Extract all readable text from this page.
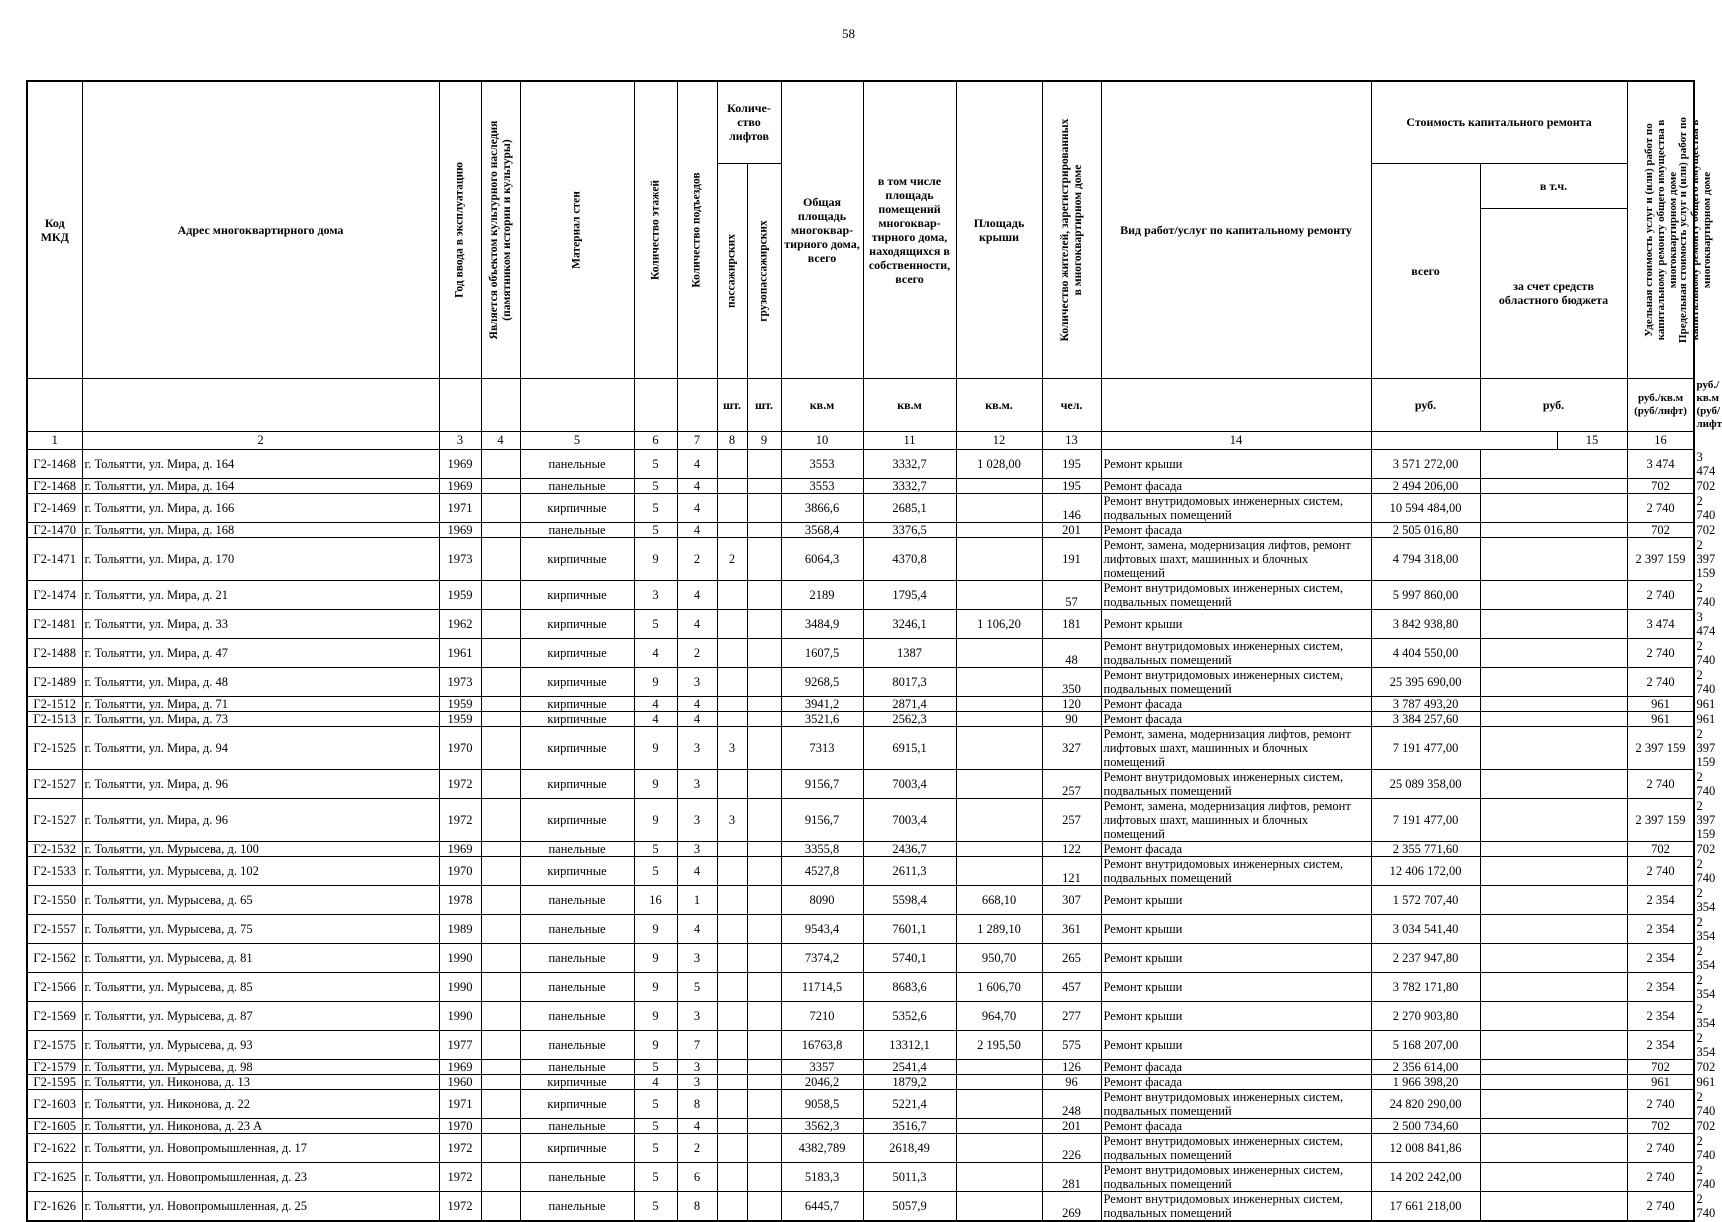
58
Код МКД	Адрес многоквартирного дома	Год ввода в эксплуатацию	Является объектом культурного наследия (памятником истории и культуры)	Материал стен	Количество этажей	Количество подъездов	Количе-ство лифтов		Общая площадь многоквар-тирного дома, всего	в том числе площадь помещений многоквар-тирного дома, находящихся в собственности, всего	Площадь крыши	Количество жителей, зарегистрированных в многоквартирном доме	Вид работ/услуг по капитальному ремонту	Стоимость капитального ремонта			Удельная стоимость услуг и (или) работ по капитальному ремонту общего имущества в многоквартирном доме	Предельная стоимость услуг и (или) работ по капитальному ремонту общего имущества в многоквартирном доме

							пассажирских	грузопассажирских						всего	в т.ч.			
															за счет средств областного бюджета			
							шт.	шт.	кв.м	кв.м	кв.м.	чел.		руб.	руб.		руб./кв.м (руб/лифт)	руб./кв.м (руб/лифт
1	2	3	4	5	6	7	8	9	10	11	12	13	14			15	16	
Г2-1468	г. Тольятти, ул. Мира, д. 164	1969		панельные	5	4			3553	3332,7	1 028,00	195	Ремонт крыши	3 571 272,00			3 474	3 474
Г2-1468	г. Тольятти, ул. Мира, д. 164	1969		панельные	5	4			3553	3332,7		195	Ремонт фасада	2 494 206,00			702	702
Г2-1469	г. Тольятти, ул. Мира, д. 166	1971		кирпичные	5	4			3866,6	2685,1		146	Ремонт внутридомовых инженерных систем, подвальных помещений	10 594 484,00			2 740	2 740
Г2-1470	г. Тольятти, ул. Мира, д. 168	1969		панельные	5	4			3568,4	3376,5		201	Ремонт фасада	2 505 016,80			702	702
Г2-1471	г. Тольятти, ул. Мира, д. 170	1973		кирпичные	9	2	2		6064,3	4370,8		191	Ремонт, замена, модернизация лифтов, ремонт лифтовых шахт, машинных и блочных помещений	4 794 318,00			2 397 159	2 397 159
Г2-1474	г. Тольятти, ул. Мира, д. 21	1959		кирпичные	3	4			2189	1795,4		57	Ремонт внутридомовых инженерных систем, подвальных помещений	5 997 860,00			2 740	2 740
Г2-1481	г. Тольятти, ул. Мира, д. 33	1962		кирпичные	5	4			3484,9	3246,1	1 106,20	181	Ремонт крыши	3 842 938,80			3 474	3 474
Г2-1488	г. Тольятти, ул. Мира, д. 47	1961		кирпичные	4	2			1607,5	1387		48	Ремонт внутридомовых инженерных систем, подвальных помещений	4 404 550,00			2 740	2 740
Г2-1489	г. Тольятти, ул. Мира, д. 48	1973		кирпичные	9	3			9268,5	8017,3		350	Ремонт внутридомовых инженерных систем, подвальных помещений	25 395 690,00			2 740	2 740
Г2-1512	г. Тольятти, ул. Мира, д. 71	1959		кирпичные	4	4			3941,2	2871,4		120	Ремонт фасада	3 787 493,20			961	961
Г2-1513	г. Тольятти, ул. Мира, д. 73	1959		кирпичные	4	4			3521,6	2562,3		90	Ремонт фасада	3 384 257,60			961	961
Г2-1525	г. Тольятти, ул. Мира, д. 94	1970		кирпичные	9	3	3		7313	6915,1		327	Ремонт, замена, модернизация лифтов, ремонт лифтовых шахт, машинных и блочных помещений	7 191 477,00			2 397 159	2 397 159
Г2-1527	г. Тольятти, ул. Мира, д. 96	1972		кирпичные	9	3			9156,7	7003,4		257	Ремонт внутридомовых инженерных систем, подвальных помещений	25 089 358,00			2 740	2 740
Г2-1527	г. Тольятти, ул. Мира, д. 96	1972		кирпичные	9	3	3		9156,7	7003,4		257	Ремонт, замена, модернизация лифтов, ремонт лифтовых шахт, машинных и блочных помещений	7 191 477,00			2 397 159	2 397 159
Г2-1532	г. Тольятти, ул. Мурысева, д. 100	1969		панельные	5	3			3355,8	2436,7		122	Ремонт фасада	2 355 771,60			702	702
Г2-1533	г. Тольятти, ул. Мурысева, д. 102	1970		кирпичные	5	4			4527,8	2611,3		121	Ремонт внутридомовых инженерных систем, подвальных помещений	12 406 172,00			2 740	2 740
Г2-1550	г. Тольятти, ул. Мурысева, д. 65	1978		панельные	16	1			8090	5598,4	668,10	307	Ремонт крыши	1 572 707,40			2 354	2 354
Г2-1557	г. Тольятти, ул. Мурысева, д. 75	1989		панельные	9	4			9543,4	7601,1	1 289,10	361	Ремонт крыши	3 034 541,40			2 354	2 354
Г2-1562	г. Тольятти, ул. Мурысева, д. 81	1990		панельные	9	3			7374,2	5740,1	950,70	265	Ремонт крыши	2 237 947,80			2 354	2 354
Г2-1566	г. Тольятти, ул. Мурысева, д. 85	1990		панельные	9	5			11714,5	8683,6	1 606,70	457	Ремонт крыши	3 782 171,80			2 354	2 354
Г2-1569	г. Тольятти, ул. Мурысева, д. 87	1990		панельные	9	3			7210	5352,6	964,70	277	Ремонт крыши	2 270 903,80			2 354	2 354
Г2-1575	г. Тольятти, ул. Мурысева, д. 93	1977		панельные	9	7			16763,8	13312,1	2 195,50	575	Ремонт крыши	5 168 207,00			2 354	2 354
Г2-1579	г. Тольятти, ул. Мурысева, д. 98	1969		панельные	5	3			3357	2541,4		126	Ремонт фасада	2 356 614,00			702	702
Г2-1595	г. Тольятти, ул. Никонова, д. 13	1960		кирпичные	4	3			2046,2	1879,2		96	Ремонт фасада	1 966 398,20			961	961
Г2-1603	г. Тольятти, ул. Никонова, д. 22	1971		кирпичные	5	8			9058,5	5221,4		248	Ремонт внутридомовых инженерных систем, подвальных помещений	24 820 290,00			2 740	2 740
Г2-1605	г. Тольятти, ул. Никонова, д. 23 А	1970		панельные	5	4			3562,3	3516,7		201	Ремонт фасада	2 500 734,60			702	702
Г2-1622	г. Тольятти, ул. Новопромышленная, д. 17	1972		кирпичные	5	2			4382,789	2618,49		226	Ремонт внутридомовых инженерных систем, подвальных помещений	12 008 841,86			2 740	2 740
Г2-1625	г. Тольятти, ул. Новопромышленная, д. 23	1972		панельные	5	6			5183,3	5011,3		281	Ремонт внутридомовых инженерных систем, подвальных помещений	14 202 242,00			2 740	2 740
Г2-1626	г. Тольятти, ул. Новопромышленная, д. 25	1972		панельные	5	8			6445,7	5057,9		269	Ремонт внутридомовых инженерных систем, подвальных помещений	17 661 218,00			2 740	2 740
